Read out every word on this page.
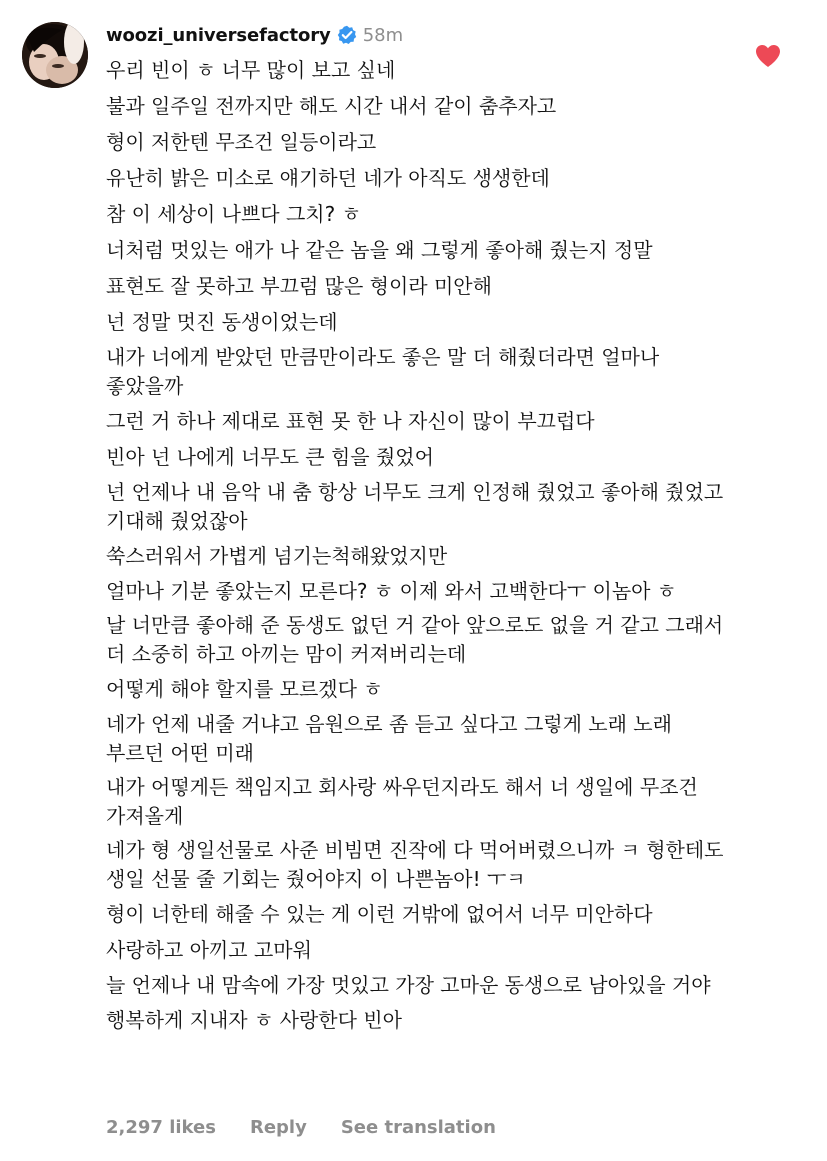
woozi_universefactory 58m
우리 빈이 ㅎ 너무 많이 보고 싶네
불과 일주일 전까지만 해도 시간 내서 같이 춤추자고
형이 저한텐 무조건 일등이라고
유난히 밝은 미소로 얘기하던 네가 아직도 생생한데
참 이 세상이 나쁘다 그치? ㅎ
너처럼 멋있는 애가 나 같은 놈을 왜 그렇게 좋아해 줬는지 정말
표현도 잘 못하고 부끄럼 많은 형이라 미안해
넌 정말 멋진 동생이었는데
내가 너에게 받았던 만큼만이라도 좋은 말 더 해줬더라면 얼마나 좋았을까
그런 거 하나 제대로 표현 못 한 나 자신이 많이 부끄럽다
빈아 넌 나에게 너무도 큰 힘을 줬었어
넌 언제나 내 음악 내 춤 항상 너무도 크게 인정해 줬었고 좋아해 줬었고 기대해 줬었잖아
쑥스러워서 가볍게 넘기는척해왔었지만
얼마나 기분 좋았는지 모른다? ㅎ 이제 와서 고백한다ㅜ 이놈아 ㅎ
날 너만큼 좋아해 준 동생도 없던 거 같아 앞으로도 없을 거 같고 그래서 더 소중히 하고 아끼는 맘이 커져버리는데
어떻게 해야 할지를 모르겠다 ㅎ
네가 언제 내줄 거냐고 음원으로 좀 듣고 싶다고 그렇게 노래 노래 부르던 어떤 미래
내가 어떻게든 책임지고 회사랑 싸우던지라도 해서 너 생일에 무조건 가져올게
네가 형 생일선물로 사준 비빔면 진작에 다 먹어버렸으니까 ㅋ 형한테도 생일 선물 줄 기회는 줬어야지 이 나쁜놈아! ㅜㅋ
형이 너한테 해줄 수 있는 게 이런 거밖에 없어서 너무 미안하다
사랑하고 아끼고 고마워
늘 언제나 내 맘속에 가장 멋있고 가장 고마운 동생으로 남아있을 거야
행복하게 지내자 ㅎ 사랑한다 빈아
2,297 likes Reply See translation
